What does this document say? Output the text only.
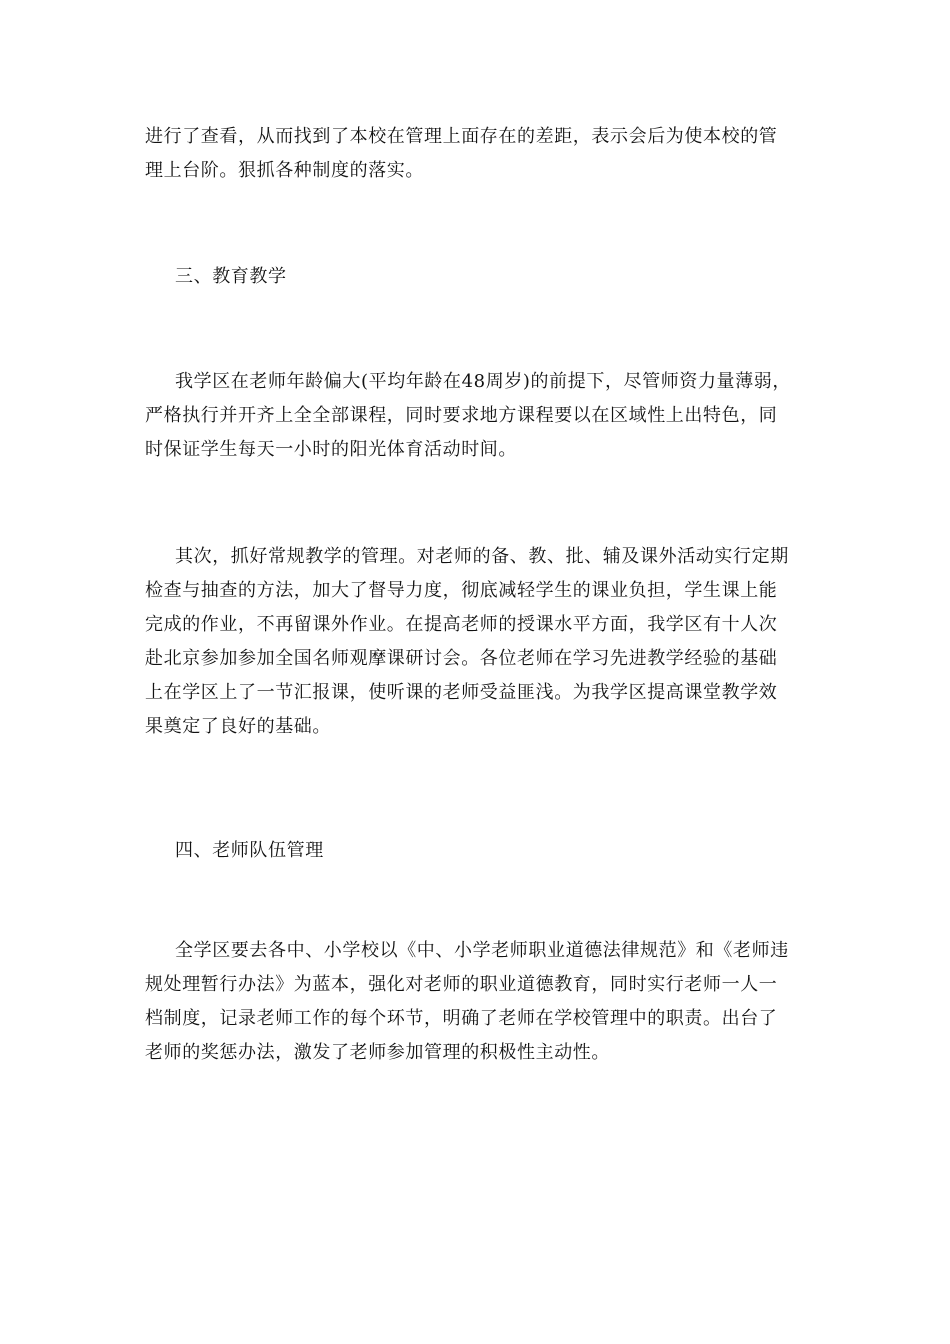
进行了查看，从而找到了本校在管理上面存在的差距，表示会后为使本校的管
理上台阶。狠抓各种制度的落实。

三、教育教学

我学区在老师年龄偏大(平均年龄在48周岁)的前提下，尽管师资力量薄弱，
严格执行并开齐上全全部课程，同时要求地方课程要以在区域性上出特色，同
时保证学生每天一小时的阳光体育活动时间。

其次，抓好常规教学的管理。对老师的备、教、批、辅及课外活动实行定期
检查与抽查的方法，加大了督导力度，彻底减轻学生的课业负担，学生课上能
完成的作业，不再留课外作业。在提高老师的授课水平方面，我学区有十人次
赴北京参加参加全国名师观摩课研讨会。各位老师在学习先进教学经验的基础
上在学区上了一节汇报课，使听课的老师受益匪浅。为我学区提高课堂教学效
果奠定了良好的基础。

四、老师队伍管理

全学区要去各中、小学校以《中、小学老师职业道德法律规范》和《老师违
规处理暂行办法》为蓝本，强化对老师的职业道德教育，同时实行老师一人一
档制度，记录老师工作的每个环节，明确了老师在学校管理中的职责。出台了
老师的奖惩办法，激发了老师参加管理的积极性主动性。
